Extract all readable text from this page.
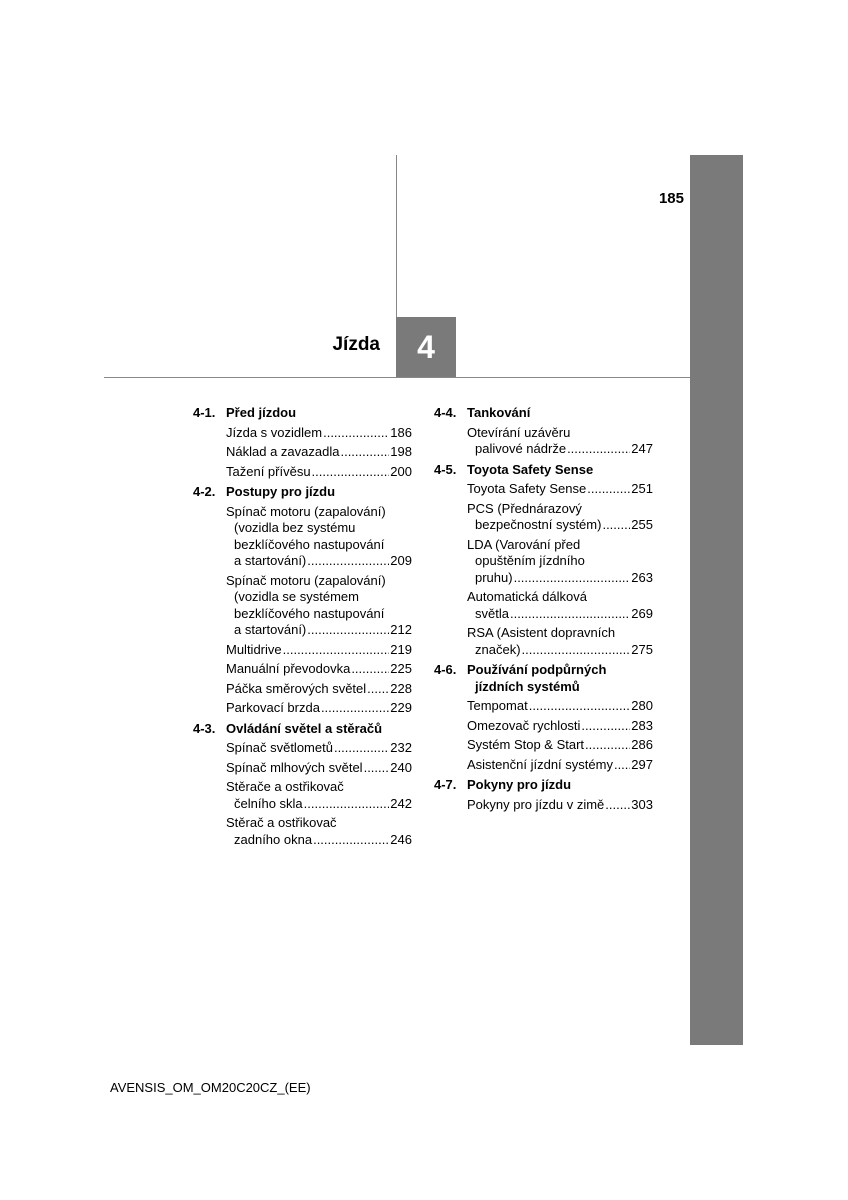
185
Jízda	4
4-1. Před jízdou
Jízda s vozidlem .....	186
Náklad a zavazadla .....	198
Tažení přívěsu .....	200
4-2. Postupy pro jízdu
Spínač motoru (zapalování)
(vozidla bez systému
bezklíčového nastupování
a startování) .....	209
Spínač motoru (zapalování)
(vozidla se systémem
bezklíčového nastupování
a startování) .....	212
Multidrive .....	219
Manuální převodovka .....	225
Páčka směrových světel ..... 228
Parkovací brzda .....	229
4-3. Ovládání světel a stěračů
Spínač světlometů .....	232
Spínač mlhových světel ..... 240
Stěrače a ostřikovač
čelního skla .....	242
Stěrač a ostřikovač
zadního okna .....	246
4-4. Tankování
Otevírání uzávěru
palivové nádrže .....	247
4-5. Toyota Safety Sense
Toyota Safety Sense .....	251
PCS (Přednárazový
bezpečnostní systém) ..... 255
LDA (Varování před
opuštěním jízdního
pruhu) .....	263
Automatická dálková
světla .....	269
RSA (Asistent dopravních
značek) .....	275
4-6. Používání podpůrných
jízdních systémů
Tempomat .....	280
Omezovač rychlosti .....	283
Systém Stop & Start .....	286
Asistenční jízdní systémy ..... 297
4-7. Pokyny pro jízdu
Pokyny pro jízdu v zimě ..... 303
AVENSIS_OM_OM20C20CZ_(EE)
